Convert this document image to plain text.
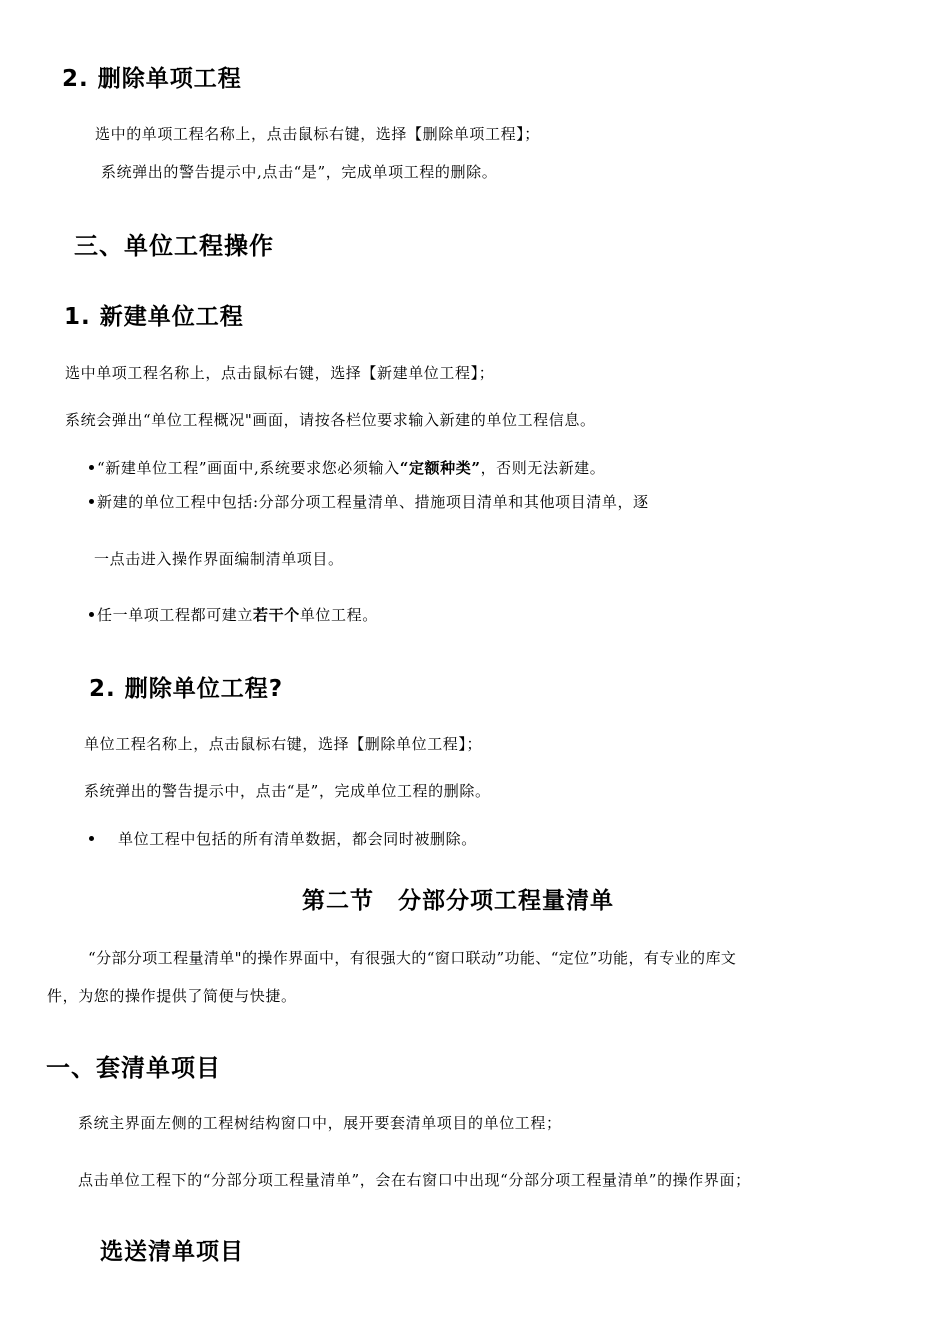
2. 删除单项工程
选中的单项工程名称上，点击鼠标右键，选择【删除单项工程】；
系统弹出的警告提示中,点击“是”，完成单项工程的删除。
三、单位工程操作
1. 新建单位工程
选中单项工程名称上，点击鼠标右键，选择【新建单位工程】；
系统会弹出“单位工程概况"画面，请按各栏位要求输入新建的单位工程信息。
“新建单位工程”画面中,系统要求您必须输入“定额种类”，否则无法新建。
新建的单位工程中包括:分部分项工程量清单、措施项目清单和其他项目清单，逐
一点击进入操作界面编制清单项目。
任一单项工程都可建立若干个单位工程。
2. 删除单位工程?
单位工程名称上，点击鼠标右键，选择【删除单位工程】；
系统弹出的警告提示中，点击“是”，完成单位工程的删除。
单位工程中包括的所有清单数据，都会同时被删除。
第二节　分部分项工程量清单
“分部分项工程量清单"的操作界面中，有很强大的“窗口联动”功能、“定位”功能，有专业的库文
件，为您的操作提供了简便与快捷。
一、套清单项目
系统主界面左侧的工程树结构窗口中，展开要套清单项目的单位工程；
点击单位工程下的“分部分项工程量清单”，会在右窗口中出现“分部分项工程量清单”的操作界面；
选送清单项目
